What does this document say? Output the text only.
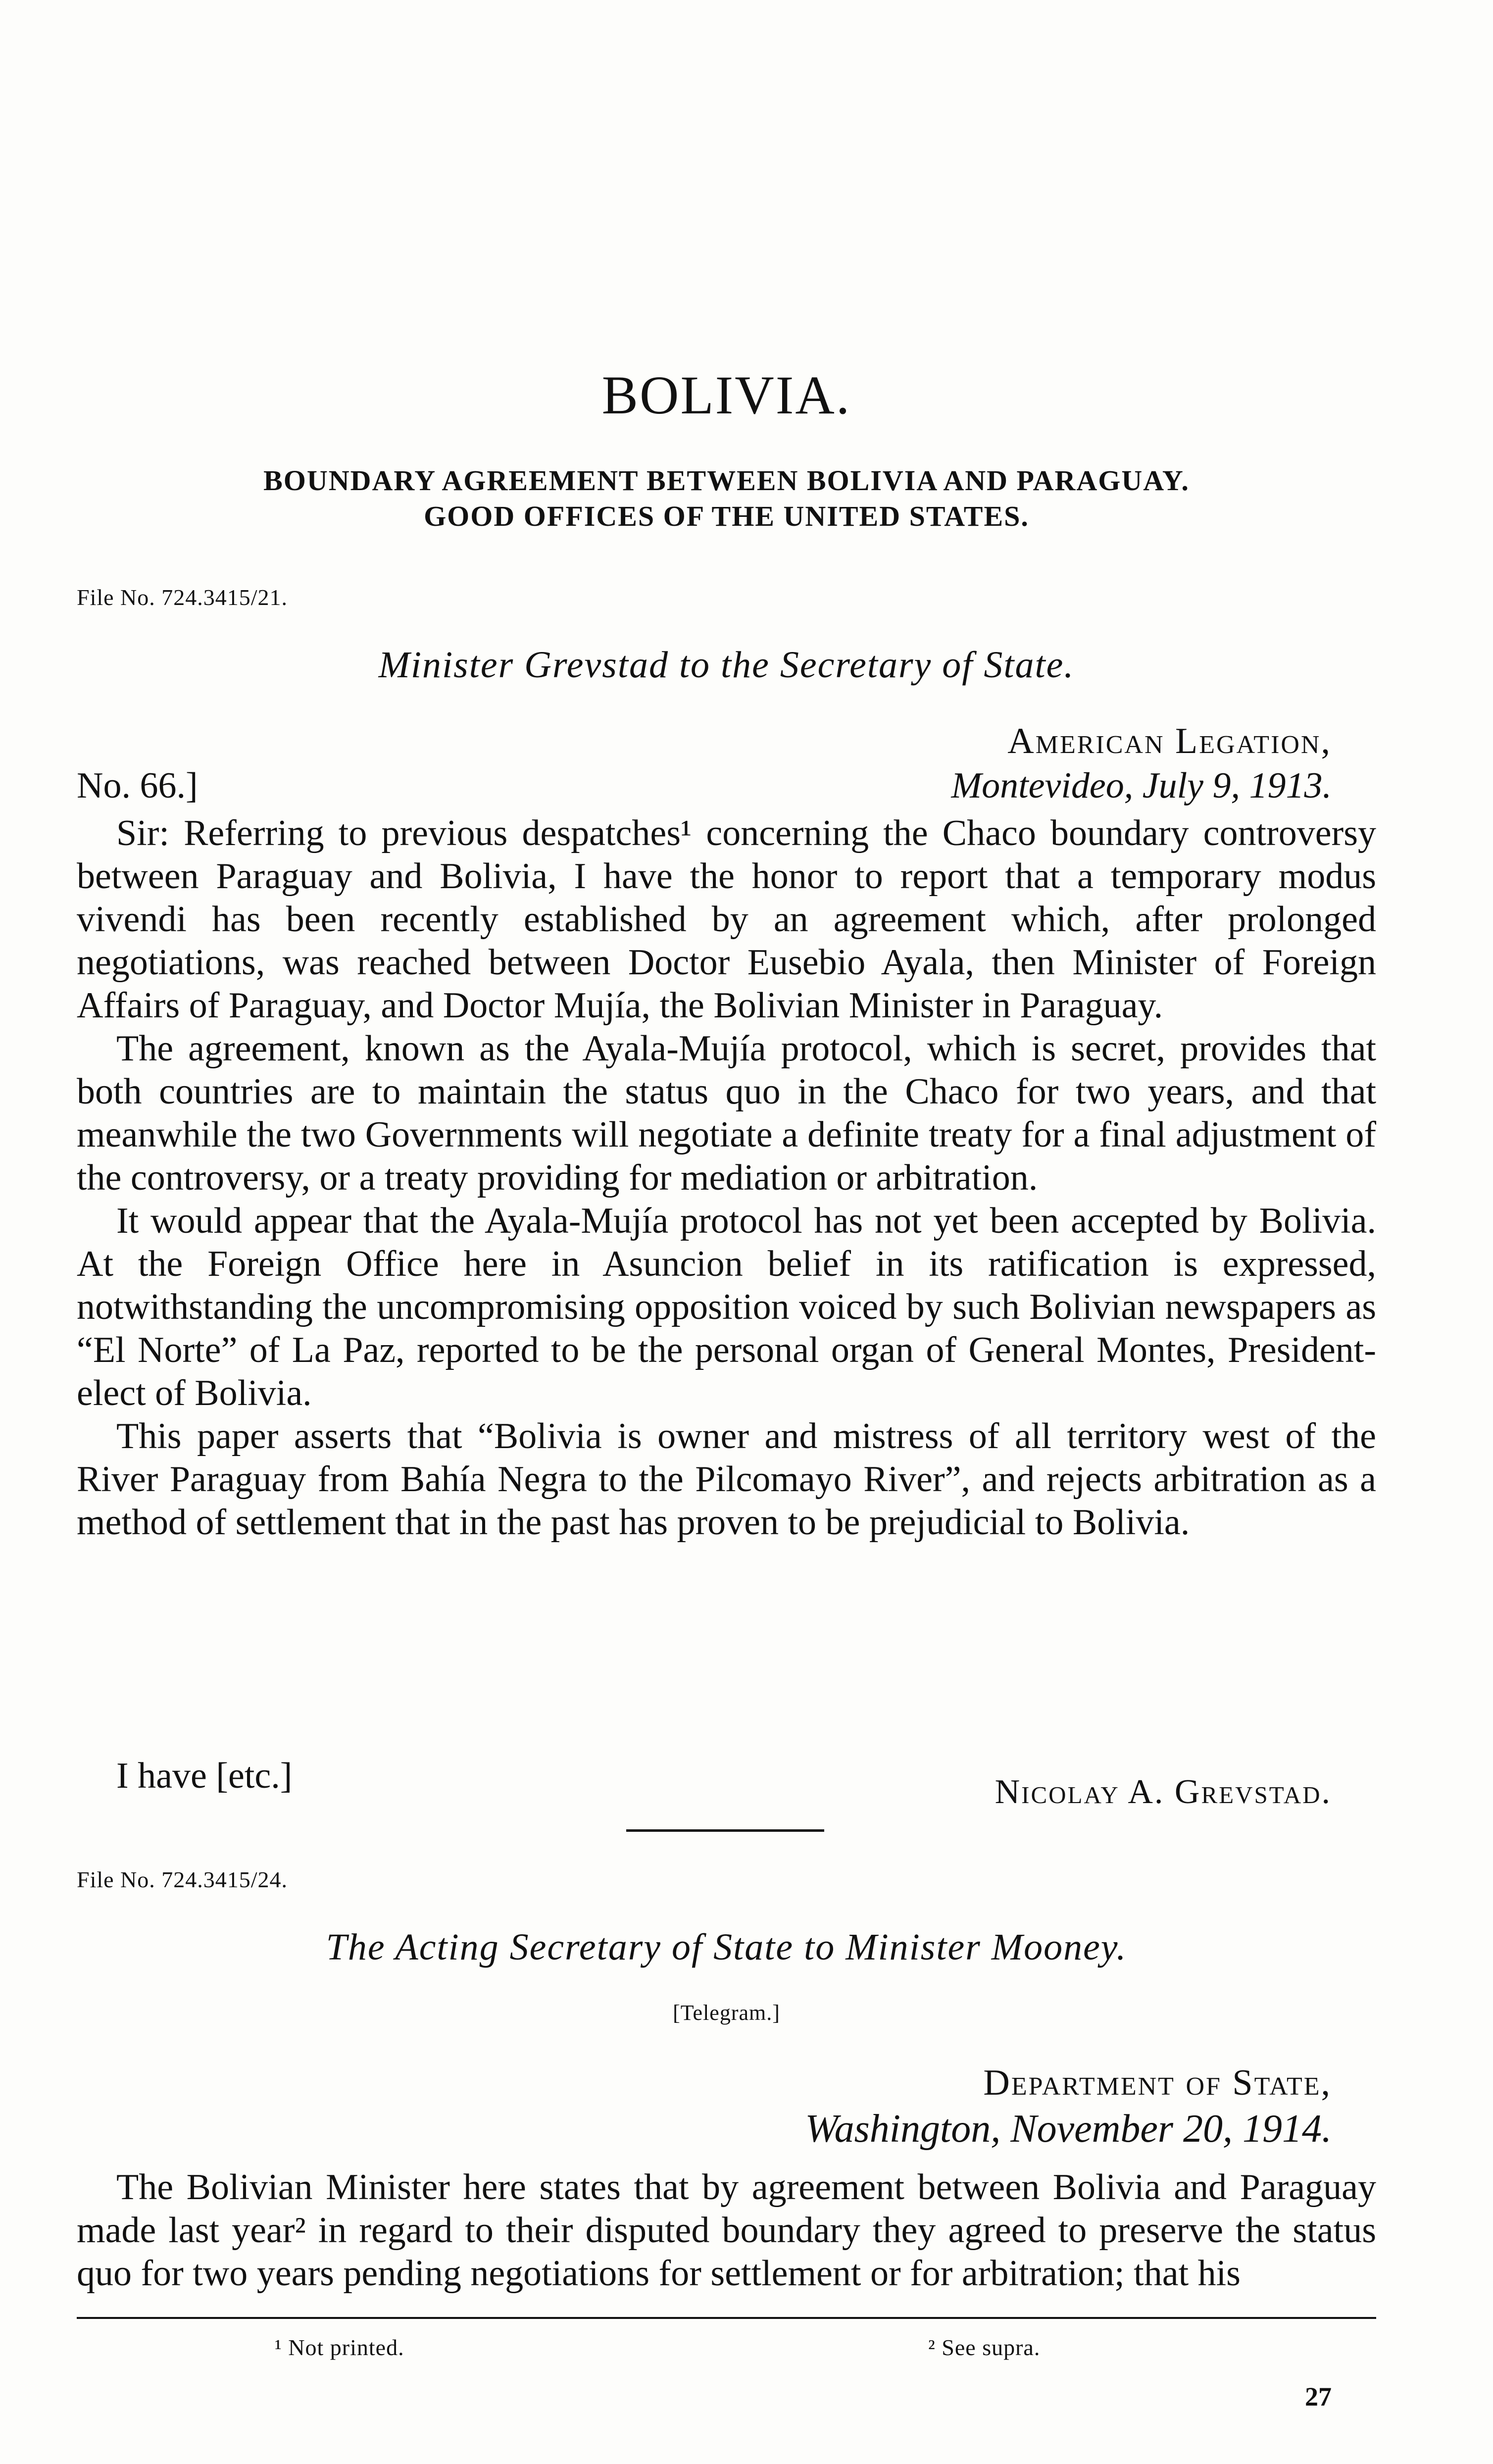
BOLIVIA.
BOUNDARY AGREEMENT BETWEEN BOLIVIA AND PARAGUAY.
GOOD OFFICES OF THE UNITED STATES.
File No. 724.3415/21.
Minister Grevstad to the Secretary of State.
American Legation,
No. 66.]	Montevideo, July 9, 1913.

Sir: Referring to previous despatches¹ concerning the Chaco boundary controversy between Paraguay and Bolivia, I have the honor to report that a temporary modus vivendi has been recently established by an agreement which, after prolonged negotiations, was reached between Doctor Eusebio Ayala, then Minister of Foreign Affairs of Paraguay, and Doctor Mujía, the Bolivian Minister in Paraguay.

The agreement, known as the Ayala-Mujía protocol, which is secret, provides that both countries are to maintain the status quo in the Chaco for two years, and that meanwhile the two Governments will negotiate a definite treaty for a final adjustment of the controversy, or a treaty providing for mediation or arbitration.

It would appear that the Ayala-Mujía protocol has not yet been accepted by Bolivia. At the Foreign Office here in Asuncion belief in its ratification is expressed, notwithstanding the uncompromising opposition voiced by such Bolivian newspapers as “El Norte” of La Paz, reported to be the personal organ of General Montes, President-elect of Bolivia.

This paper asserts that “Bolivia is owner and mistress of all territory west of the River Paraguay from Bahía Negra to the Pilcomayo River”, and rejects arbitration as a method of settlement that in the past has proven to be prejudicial to Bolivia.

I have [etc.]	Nicolay A. Grevstad.
File No. 724.3415/24.
The Acting Secretary of State to Minister Mooney.
[Telegram.]
Department of State,
Washington, November 20, 1914.

The Bolivian Minister here states that by agreement between Bolivia and Paraguay made last year² in regard to their disputed boundary they agreed to preserve the status quo for two years pending negotiations for settlement or for arbitration; that his

¹ Not printed.	² See supra.
27
